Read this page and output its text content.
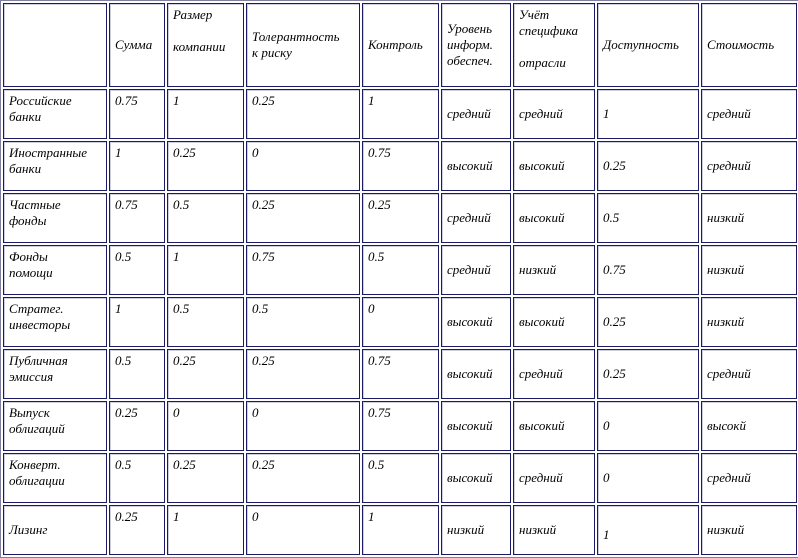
	Сумма	Размер
компании	Толерантность
к риску	Контроль	Уровень
информ.
обеспеч.	Учёт
специфика
отрасли	Доступность	Стоимость
Российские
банки	0.75	1	0.25	1	средний	средний	1	средний
Иностранные
банки	1	0.25	0	0.75	высокий	высокий	0.25	средний
Частные
фонды	0.75	0.5	0.25	0.25	средний	высокий	0.5	низкий
Фонды
помощи	0.5	1	0.75	0.5	средний	низкий	0.75	низкий
Стратег.
инвесторы	1	0.5	0.5	0	высокий	высокий	0.25	низкий
Публичная
эмиссия	0.5	0.25	0.25	0.75	высокий	средний	0.25	средний
Выпуск
облигаций	0.25	0	0	0.75	высокий	высокий	0	высокй
Конверт.
облигации	0.5	0.25	0.25	0.5	высокий	средний	0	средний
Лизинг	0.25	1	0	1	низкий	низкий	1	низкий
